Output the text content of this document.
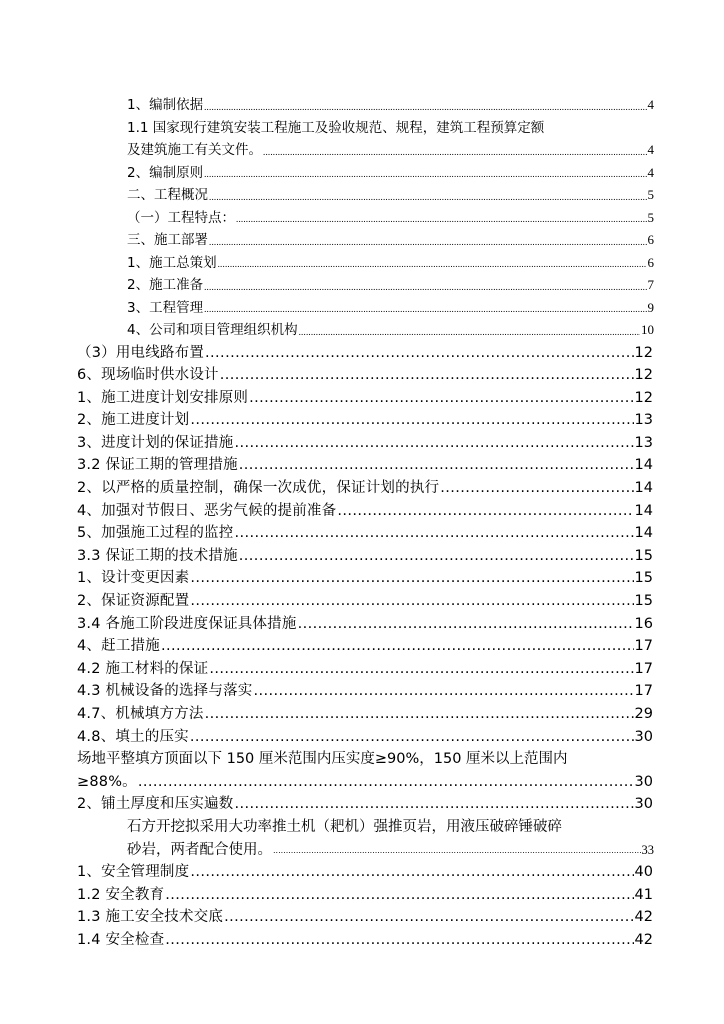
1、编制依据 .....	4
1.1 国家现行建筑安装工程施工及验收规范、规程，建筑工程预算定额
及建筑施工有关文件。 .....	4
2、编制原则 .....	4
二、工程概况 .....	5
（一）工程特点： .....	5
三、施工部署 .....	6
1、施工总策划 .....	6
2、施工准备 .....	7
3、工程管理 .....	9
4、公司和项目管理组织机构 .....	10
（3）用电线路布置 .....	12
6、现场临时供水设计 .....	12
1、施工进度计划安排原则 .....	12
2、施工进度计划 .....	13
3、进度计划的保证措施 .....	13
3.2 保证工期的管理措施 .....	14
2、以严格的质量控制，确保一次成优，保证计划的执行 .....	14
4、加强对节假日、恶劣气候的提前准备 .....	14
5、加强施工过程的监控 .....	14
3.3 保证工期的技术措施 .....	15
1、设计变更因素 .....	15
2、保证资源配置 .....	15
3.4 各施工阶段进度保证具体措施 .....	16
4、赶工措施 .....	17
4.2 施工材料的保证 .....	17
4.3 机械设备的选择与落实 .....	17
4.7、机械填方方法 .....	29
4.8、填土的压实 .....	30
场地平整填方顶面以下 150 厘米范围内压实度≥90%，150 厘米以上范围内
≥88%。 .....	30
2、铺土厚度和压实遍数 .....	30
石方开挖拟采用大功率推土机（耙机）强推页岩，用液压破碎锤破碎
砂岩，两者配合使用。 .....	33
1、安全管理制度 .....	40
1.2 安全教育 .....	41
1.3 施工安全技术交底 .....	42
1.4 安全检查 .....	42
